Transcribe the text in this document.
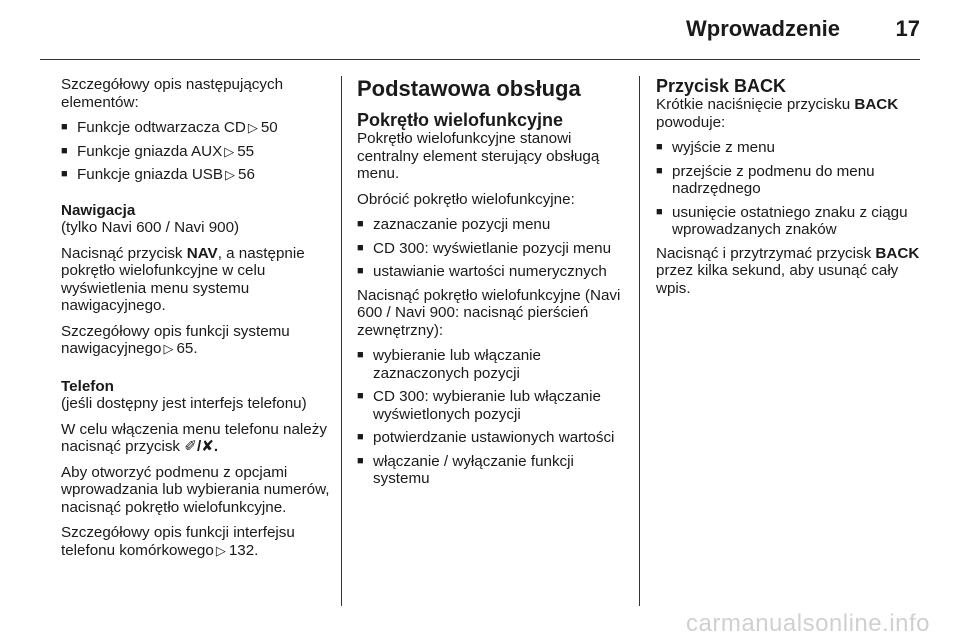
Wprowadzenie	17

Szczegółowy opis następujących elementów:

■ Funkcje odtwarzacza CD ▷ 50
■ Funkcje gniazda AUX ▷ 55
■ Funkcje gniazda USB ▷ 56
Nawigacja

(tylko Navi 600 / Navi 900)

Nacisnąć przycisk NAV, a następnie pokrętło wielofunkcyjne w celu wyświetlenia menu systemu nawigacyjnego.

Szczegółowy opis funkcji systemu nawigacyjnego ▷ 65.

Telefon

(jeśli dostępny jest interfejs telefonu)

W celu włączenia menu telefonu należy nacisnąć przycisk ✐/✘.

Aby otworzyć podmenu z opcjami wprowadzania lub wybierania numerów, nacisnąć pokrętło wielofunkcyjne.

Szczegółowy opis funkcji interfejsu telefonu komórkowego ▷ 132.

Podstawowa obsługa
Pokrętło wielofunkcyjne

Pokrętło wielofunkcyjne stanowi centralny element sterujący obsługą menu.

Obrócić pokrętło wielofunkcyjne:

■ zaznaczanie pozycji menu
■ CD 300: wyświetlanie pozycji menu
■ ustawianie wartości numerycznych

Nacisnąć pokrętło wielofunkcyjne (Navi 600 / Navi 900: nacisnąć pierścień zewnętrzny):

■ wybieranie lub włączanie zaznaczonych pozycji
■ CD 300: wybieranie lub włączanie wyświetlonych pozycji
■ potwierdzanie ustawionych wartości
■ włączanie / wyłączanie funkcji systemu
Przycisk BACK

Krótkie naciśnięcie przycisku BACK powoduje:

■ wyjście z menu
■ przejście z podmenu do menu nadrzędnego
■ usunięcie ostatniego znaku z ciągu wprowadzanych znaków

Nacisnąć i przytrzymać przycisk BACK przez kilka sekund, aby usunąć cały wpis.

carmanualsonline.info
